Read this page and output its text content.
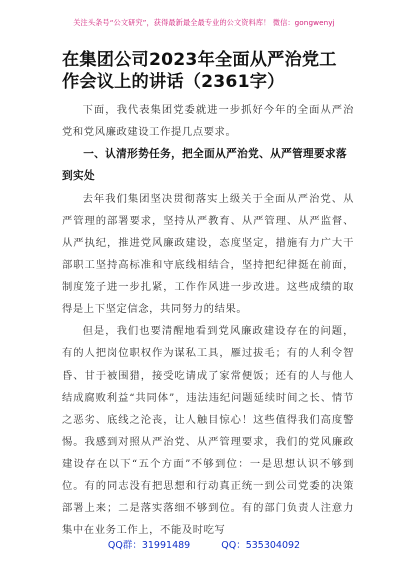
关注头条号“公文研究”，获得最新最全最专业的公文资料库！ 微信：gongwenyj
在集团公司2023年全面从严治党工作会议上的讲话（2361字）

下面，我代表集团党委就进一步抓好今年的全面从严治党和党风廉政建设工作提几点要求。

一、认清形势任务，把全面从严治党、从严管理要求落到实处

去年我们集团坚决贯彻落实上级关于全面从严治党、从严管理的部署要求，坚持从严教育、从严管理、从严监督、从严执纪，推进党风廉政建设，态度坚定，措施有力广大干部职工坚持高标准和守底线相结合，坚持把纪律挺在前面，制度笼子进一步扎紧，工作作风进一步改进。这些成绩的取得是上下坚定信念，共同努力的结果。

但是，我们也要清醒地看到党风廉政建设存在的问题，有的人把岗位职权作为谋私工具，雁过拔毛；有的人利令智昏、甘于被围猎，接受吃请成了家常便饭；还有的人与他人结成腐败利益“共同体”，违法违纪问题延续时间之长、情节之恶劣、底线之沦丧，让人触目惊心！这些值得我们高度警惕。我感到对照从严治党、从严管理要求，我们的党风廉政建设存在以下“五个方面”不够到位：一是思想认识不够到位。有的同志没有把思想和行动真正统一到公司党委的决策部署上来；二是落实落细不够到位。有的部门负责人注意力集中在业务工作上，不能及时吃写

QQ群：31991489	QQ：535304092
